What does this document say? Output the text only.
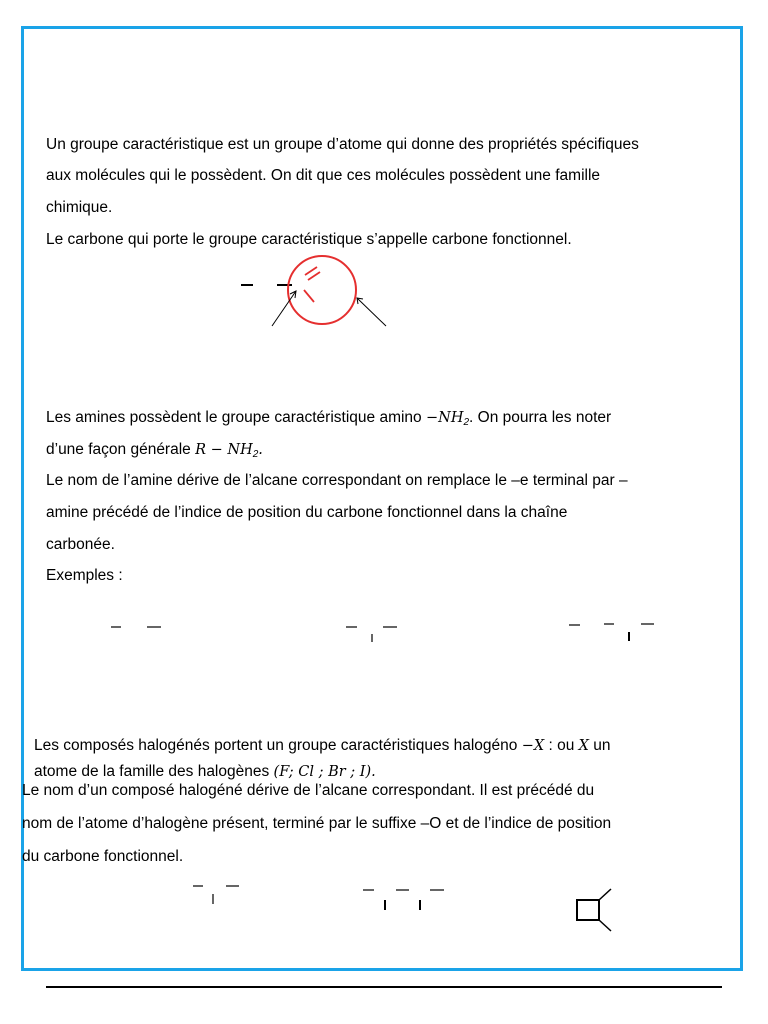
Un groupe caractéristique est un groupe d’atome qui donne des propriétés spécifiques

aux molécules qui le possèdent. On dit que ces molécules possèdent une famille

chimique.

Le carbone qui porte le groupe caractéristique s’appelle carbone fonctionnel.

Les amines possèdent le groupe caractéristique $amino -NH_2$. On pourra les noter

d’une façon générale $R - NH_2$.

Le nom de l’amine dérive de l’alcane correspondant on remplace le –e terminal par –

amine précédé de l’indice de position du carbone fonctionnel dans la chaîne

carbonée.

Exemples :

Les composés halogénés portent un groupe caractéristiques halogéno −X : ou X un

atome de la famille des halogènes (F; Cl ; Br ; I).

Le nom d’un composé halogéné dérive de l’alcane correspondant. Il est précédé du

nom de l’atome d’halogène présent, terminé par le suffixe –O et de l’indice de position

du carbone fonctionnel.
